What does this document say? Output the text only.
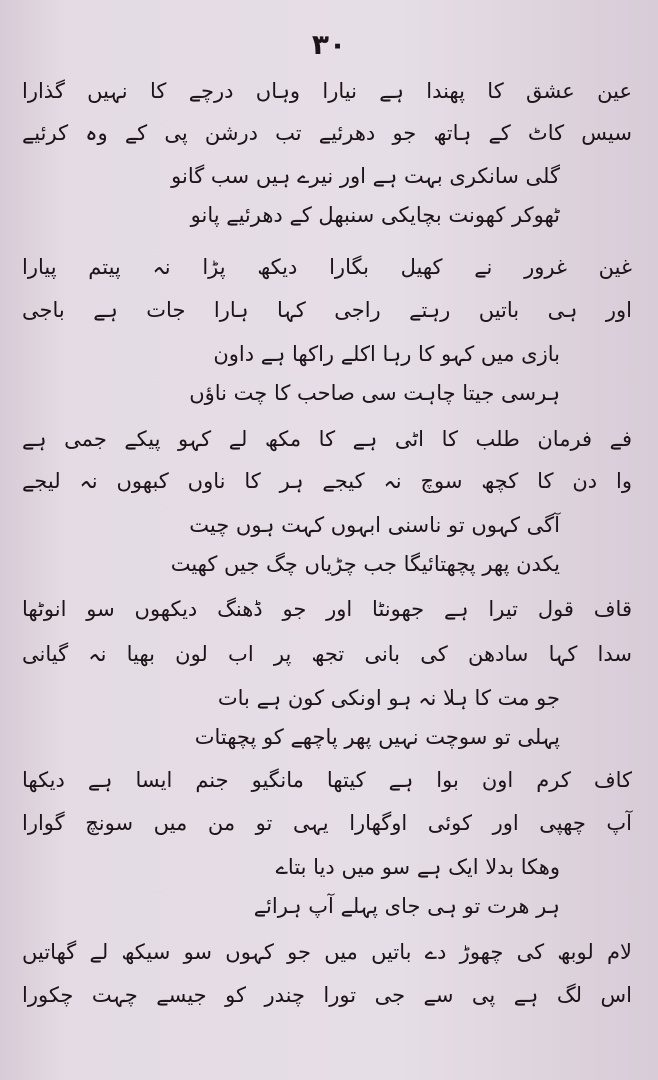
۳۰
عین عشق کا پھندا ہے نیارا وہاں درچے کا نہیں گذارا
سیس کاٹ کے ہاتھ جو دھرئیے تب درشن پی کے وہ کرئیے
گلی سانکری بہت ہے اور نیرے ہیں سب گانو
ٹھوکر کھونت بچایکی سنبھل کے دھرئیے پانو
غین غرور نے کھیل بگارا دیکھ پڑا نہ پیتم پیارا
اور ہی باتیں رہتے راجی کہا ہارا جات ہے باجی
بازی میں کہو کا رہا اکلے راکھا ہے داون
ہرسی جیتا چاہت سی صاحب کا چت ناؤں
فے فرمان طلب کا اٹی ہے کا مکھ لے کہو پیکے جمی ہے
وا دن کا کچھ سوچ نہ کیجے ہر کا ناوں کبھوں نہ لیجے
آگی کہوں تو ناسنی ابہوں کہت ہوں چیت
یکدن پھر پچھتائیگا جب چڑیاں چگ جیں کھیت
قاف قول تیرا ہے جھونٹا اور جو ڈھنگ دیکھوں سو انوٹھا
سدا کہا سادھن کی بانی تجھ پر اب لون بھیا نہ گیانی
جو مت کا ہلا نہ ہو اونکی کون ہے بات
پہلی تو سوچت نہیں پھر پاچھے کو پچھتات
کاف کرم اون بوا ہے کیتھا مانگیو جنم ایسا ہے دیکھا
آپ چھپی اور کوئی اوگھارا یہی تو من میں سونچ گوارا
وھکا بدلا ایک ہے سو میں دیا بتاے
ہر ھرت تو ہی جای پہلے آپ ہرائے
لام لوبھ کی چھوڑ دے باتیں میں جو کہوں سو سیکھ لے گھاتیں
اس لگ ہے پی سے جی تورا چندر کو جیسے چہت چکورا
